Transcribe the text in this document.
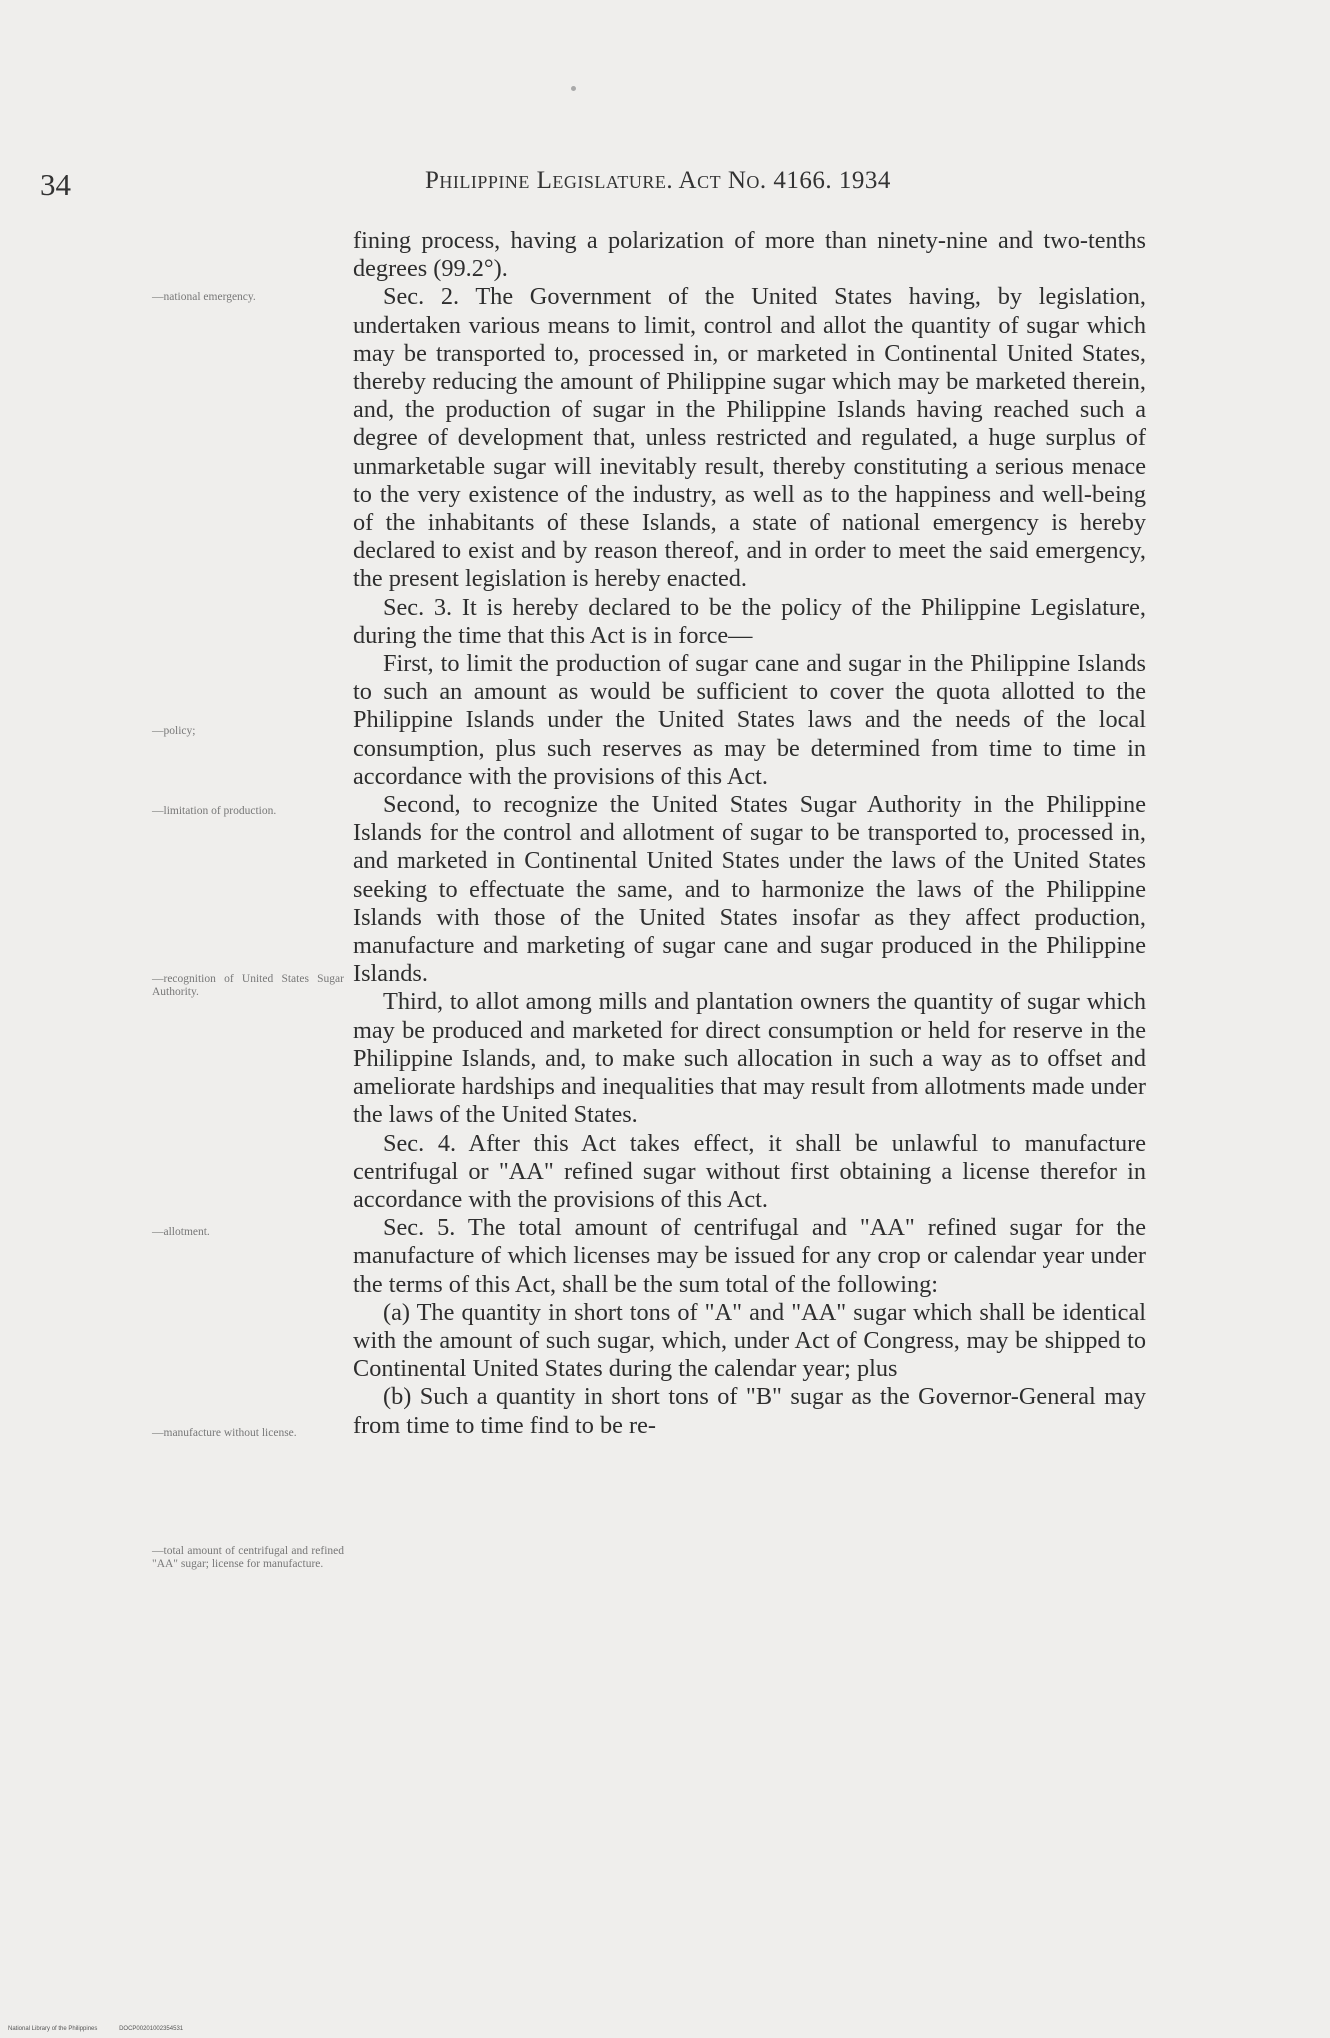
34	Philippine Legislature. Act No. 4166. 1934
—national emergency.
—policy;
—limitation of production.
—recognition of United States Sugar Authority.
—allotment.
—manufacture without license.
—total amount of centrifugal and refined "AA" sugar; license for manufacture.

fining process, having a polarization of more than ninety-nine and two-tenths degrees (99.2°).

Sec. 2. The Government of the United States having, by legislation, undertaken various means to limit, control and allot the quantity of sugar which may be transported to, processed in, or marketed in Continental United States, thereby reducing the amount of Philippine sugar which may be marketed therein, and, the production of sugar in the Philippine Islands having reached such a degree of development that, unless restricted and regulated, a huge surplus of unmarketable sugar will inevitably result, thereby constituting a serious menace to the very existence of the industry, as well as to the happiness and well-being of the inhabitants of these Islands, a state of national emergency is hereby declared to exist and by reason thereof, and in order to meet the said emergency, the present legislation is hereby enacted.

Sec. 3. It is hereby declared to be the policy of the Philippine Legislature, during the time that this Act is in force—

First, to limit the production of sugar cane and sugar in the Philippine Islands to such an amount as would be sufficient to cover the quota allotted to the Philippine Islands under the United States laws and the needs of the local consumption, plus such reserves as may be determined from time to time in accordance with the provisions of this Act.

Second, to recognize the United States Sugar Authority in the Philippine Islands for the control and allotment of sugar to be transported to, processed in, and marketed in Continental United States under the laws of the United States seeking to effectuate the same, and to harmonize the laws of the Philippine Islands with those of the United States insofar as they affect production, manufacture and marketing of sugar cane and sugar produced in the Philippine Islands.

Third, to allot among mills and plantation owners the quantity of sugar which may be produced and marketed for direct consumption or held for reserve in the Philippine Islands, and, to make such allocation in such a way as to offset and ameliorate hardships and inequalities that may result from allotments made under the laws of the United States.

Sec. 4. After this Act takes effect, it shall be unlawful to manufacture centrifugal or "AA" refined sugar without first obtaining a license therefor in accordance with the provisions of this Act.

Sec. 5. The total amount of centrifugal and "AA" refined sugar for the manufacture of which licenses may be issued for any crop or calendar year under the terms of this Act, shall be the sum total of the following:

(a) The quantity in short tons of "A" and "AA" sugar which shall be identical with the amount of such sugar, which, under Act of Congress, may be shipped to Continental United States during the calendar year; plus

(b) Such a quantity in short tons of "B" sugar as the Governor-General may from time to time find to be re-

National Library of the Philippines	DOCP00201002354531
